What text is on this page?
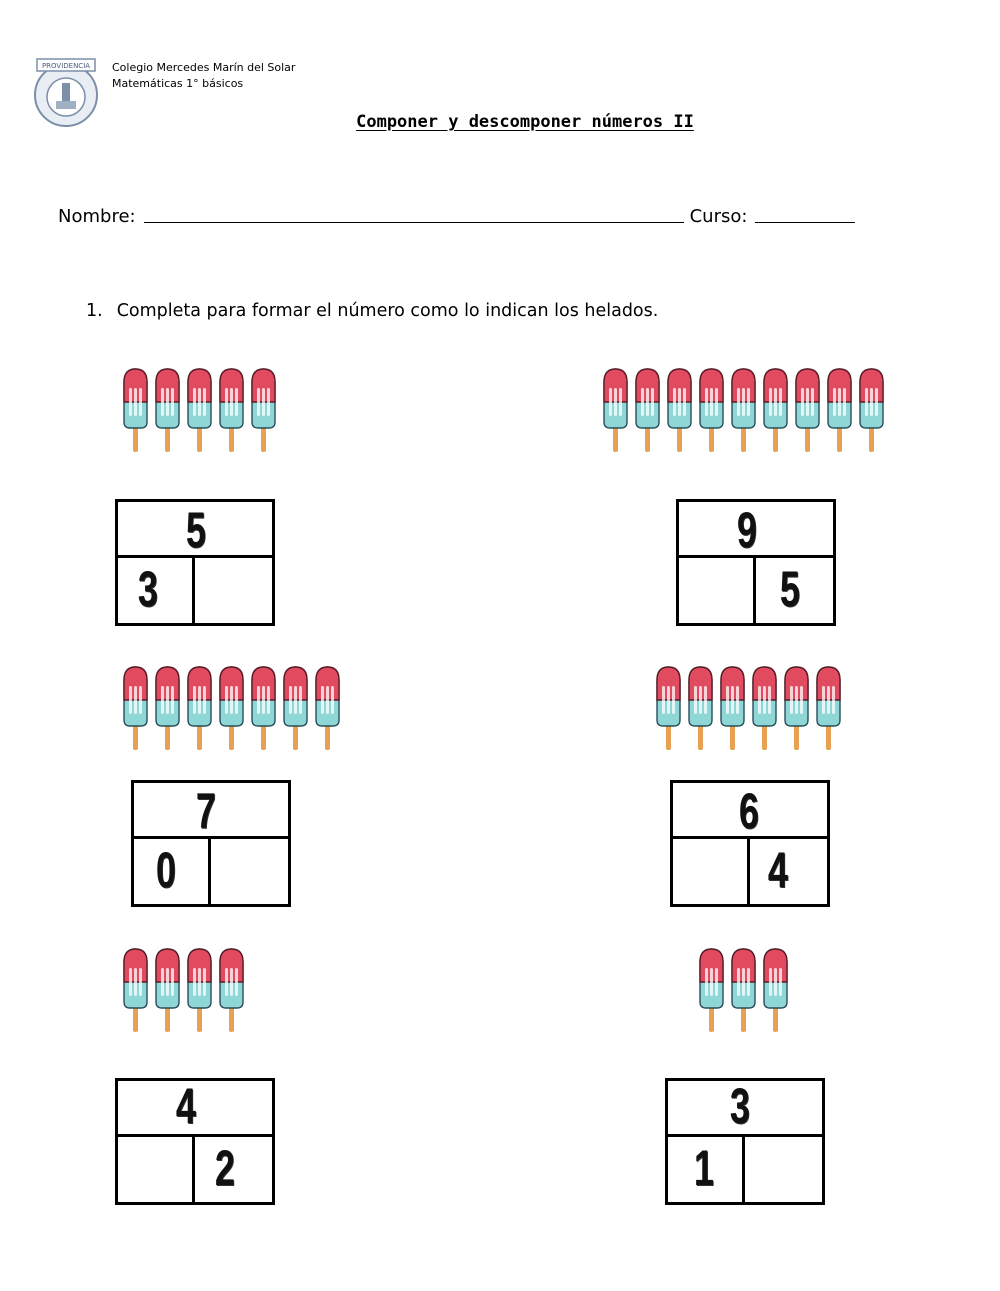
PROVIDENCIA Colegio Mercedes Marín del Solar
Matemáticas 1° básicos
Componer y descomponer números II
Nombre:	Curso:
1. Completa para formar el número como lo indican los helados.
5
3
9
5
7
0
6
4
4
2
3
1
